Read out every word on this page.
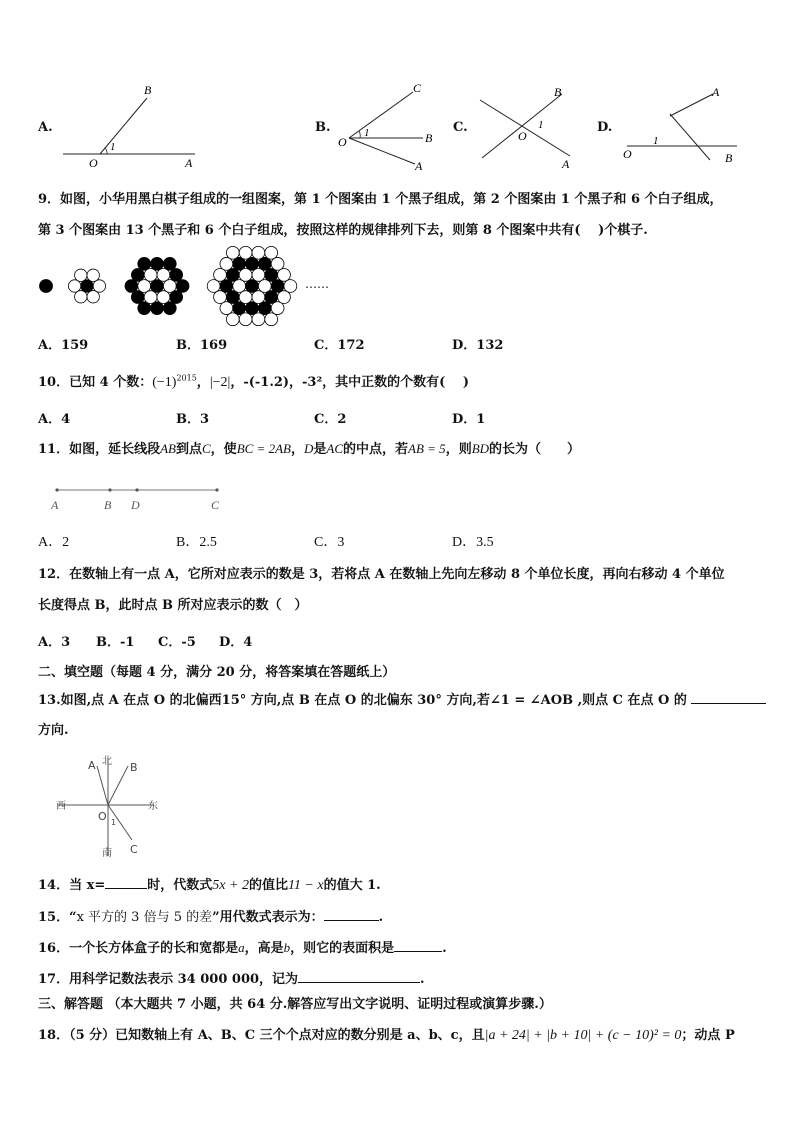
A.
O
1
A
B
B.
O
1
C
B
A
C.
O
1
B
A
D.
O
1
A
B
9．如图，小华用黑白棋子组成的一组图案，第 1 个图案由 1 个黑子组成，第 2 个图案由 1 个黑子和 6 个白子组成，
第 3 个图案由 13 个黑子和 6 个白子组成，按照这样的规律排列下去，则第 8 个图案中共有(　 )个棋子.
……
A．159	B．169	C．172	D．132
10．已知 4 个数：$(-1)^{2015}$，|−2|，-(-1.2)，-3²，其中正数的个数有(　 )
A．4	B．3	C．2	D．1
11．如图，延长线段AB到点C，使BC = 2AB，D是AC的中点，若AB = 5，则BD的长为（　　）
A	B D	C
A．2	B．2.5	C．3	D．3.5
12．在数轴上有一点 A，它所对应表示的数是 3，若将点 A 在数轴上先向左移动 8 个单位长度，再向右移动 4 个单位
长度得点 B，此时点 B 所对应表示的数（　）
A．3 B．-1 C．-5 D．4
二、填空题（每题 4 分，满分 20 分，将答案填在答题纸上）
13.如图,点 A 在点 O 的北偏西15° 方向,点 B 在点 O 的北偏东 30° 方向,若∠1 = ∠AOB ,则点 C 在点 O 的
方向.
北
南
西	东
A	B
C
O 1
14．当 x=	时，代数式5x + 2的值比11 − x的值大 1.
15．“x 平方的 3 倍与 5 的差”用代数式表示为：	.
16．一个长方体盒子的长和宽都是a，高是b，则它的表面积是	.
17．用科学记数法表示 34 000 000，记为	.
三、解答题 （本大题共 7 小题，共 64 分.解答应写出文字说明、证明过程或演算步骤.）
18．（5 分）已知数轴上有 A、B、C 三个个点对应的数分别是 a、b、c，且|a + 24| + |b + 10| + (c − 10)² = 0；动点 P
